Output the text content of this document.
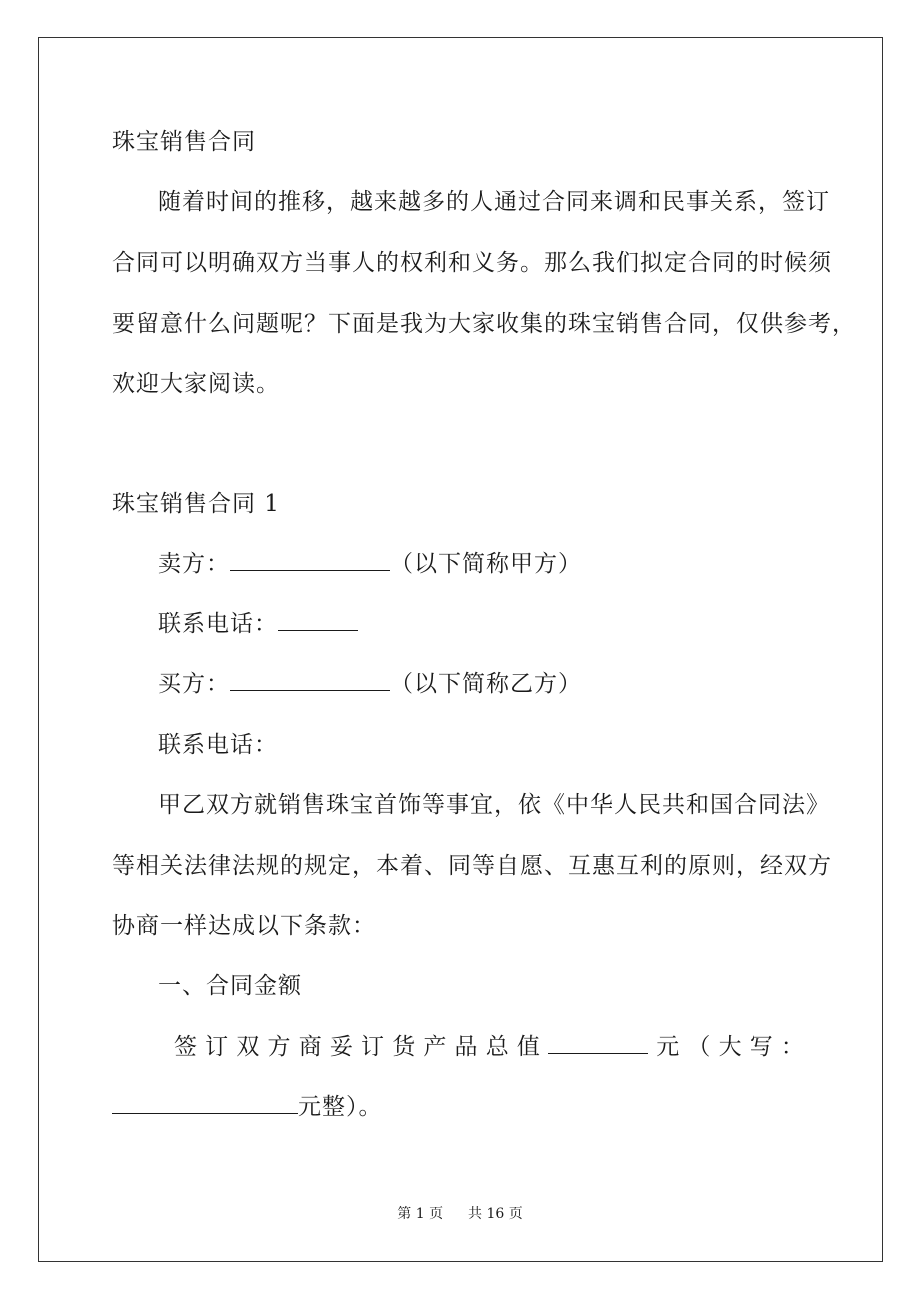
珠宝销售合同
随着时间的推移，越来越多的人通过合同来调和民事关系，签订
合同可以明确双方当事人的权利和义务。那么我们拟定合同的时候须
要留意什么问题呢？下面是我为大家收集的珠宝销售合同，仅供参考，
欢迎大家阅读。
珠宝销售合同 1
卖方：	（以下简称甲方）
联系电话：
买方：	（以下简称乙方）
联系电话：
甲乙双方就销售珠宝首饰等事宜，依《中华人民共和国合同法》
等相关法律法规的规定，本着、同等自愿、互惠互利的原则，经双方
协商一样达成以下条款：
一、合同金额
签 订 双 方 商 妥 订 货 产 品 总 值	元 （ 大 写 ：
元整）。
第 1 页 共 16 页
